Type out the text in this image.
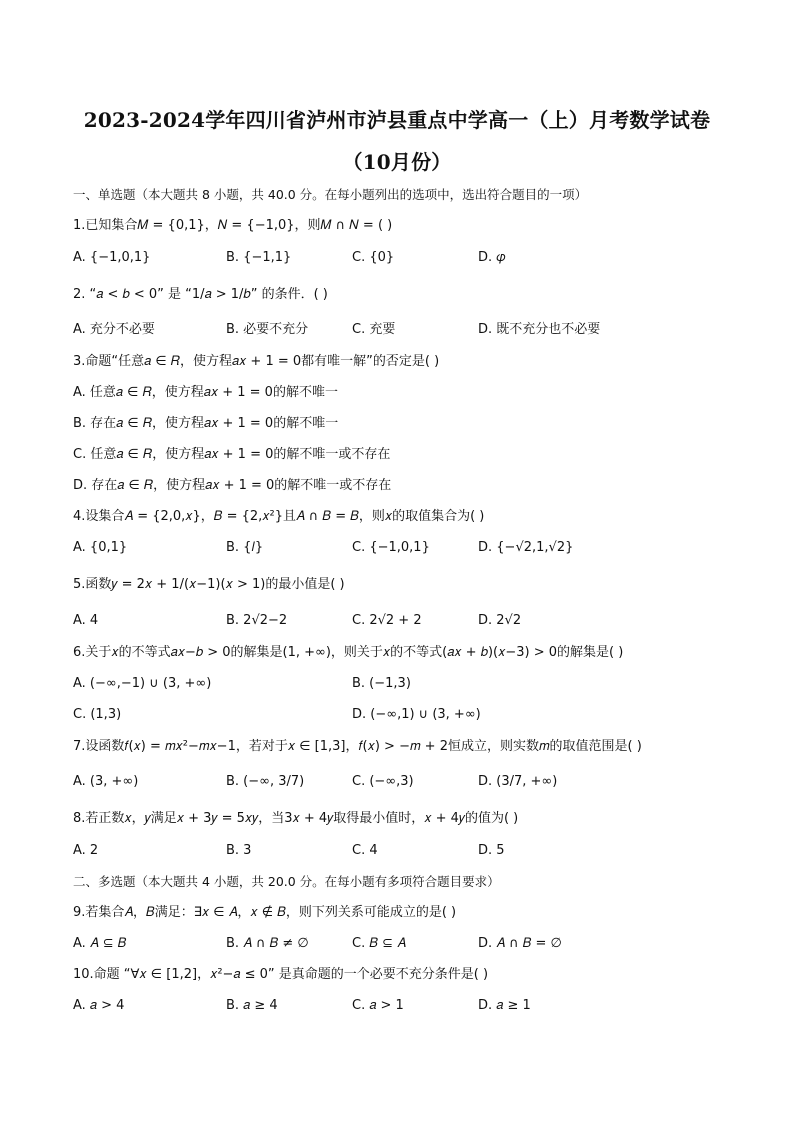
2023-2024学年四川省泸州市泸县重点中学高一（上）月考数学试卷
（10月份）
一、单选题（本大题共 8 小题，共 40.0 分。在每小题列出的选项中，选出符合题目的一项）
1.已知集合𝑀 = {0,1}，𝑁 = {−1,0}，则𝑀 ∩ 𝑁 = ( )
A. {−1,0,1}	B. {−1,1}	C. {0}	D. 𝜑
2. “𝑎 < 𝑏 < 0” 是 “1/𝑎 > 1/𝑏” 的条件．( )
A. 充分不必要	B. 必要不充分	C. 充要	D. 既不充分也不必要
3.命题“任意𝑎 ∈ 𝑅，使方程𝑎𝑥 + 1 = 0都有唯一解”的否定是( )
A. 任意𝑎 ∈ 𝑅，使方程𝑎𝑥 + 1 = 0的解不唯一
B. 存在𝑎 ∈ 𝑅，使方程𝑎𝑥 + 1 = 0的解不唯一
C. 任意𝑎 ∈ 𝑅，使方程𝑎𝑥 + 1 = 0的解不唯一或不存在
D. 存在𝑎 ∈ 𝑅，使方程𝑎𝑥 + 1 = 0的解不唯一或不存在
4.设集合𝐴 = {2,0,𝑥}，𝐵 = {2,𝑥²}且𝐴 ∩ 𝐵 = 𝐵，则𝑥的取值集合为( )
A. {0,1}	B. {𝑙}	C. {−1,0,1}	D. {−√2,1,√2}
5.函数𝑦 = 2𝑥 + 1/(𝑥−1)(𝑥 > 1)的最小值是( )
A. 4	B. 2√2−2	C. 2√2 + 2	D. 2√2
6.关于𝑥的不等式𝑎𝑥−𝑏 > 0的解集是(1, +∞)，则关于𝑥的不等式(𝑎𝑥 + 𝑏)(𝑥−3) > 0的解集是( )
A. (−∞,−1) ∪ (3, +∞)	B. (−1,3)
C. (1,3)	D. (−∞,1) ∪ (3, +∞)
7.设函数𝑓(𝑥) = 𝑚𝑥²−𝑚𝑥−1，若对于𝑥 ∈ [1,3]，𝑓(𝑥) > −𝑚 + 2恒成立，则实数𝑚的取值范围是( )
A. (3, +∞)	B. (−∞, 3/7)	C. (−∞,3)	D. (3/7, +∞)
8.若正数𝑥，𝑦满足𝑥 + 3𝑦 = 5𝑥𝑦，当3𝑥 + 4𝑦取得最小值时，𝑥 + 4𝑦的值为( )
A. 2	B. 3	C. 4	D. 5
二、多选题（本大题共 4 小题，共 20.0 分。在每小题有多项符合题目要求）
9.若集合𝐴，𝐵满足：∃𝑥 ∈ 𝐴，𝑥 ∉ 𝐵，则下列关系可能成立的是( )
A. 𝐴 ⊆ 𝐵	B. 𝐴 ∩ 𝐵 ≠ ∅	C. 𝐵 ⊆ 𝐴	D. 𝐴 ∩ 𝐵 = ∅
10.命题 “∀𝑥 ∈ [1,2]，𝑥²−𝑎 ≤ 0” 是真命题的一个必要不充分条件是( )
A. 𝑎 > 4	B. 𝑎 ≥ 4	C. 𝑎 > 1	D. 𝑎 ≥ 1
